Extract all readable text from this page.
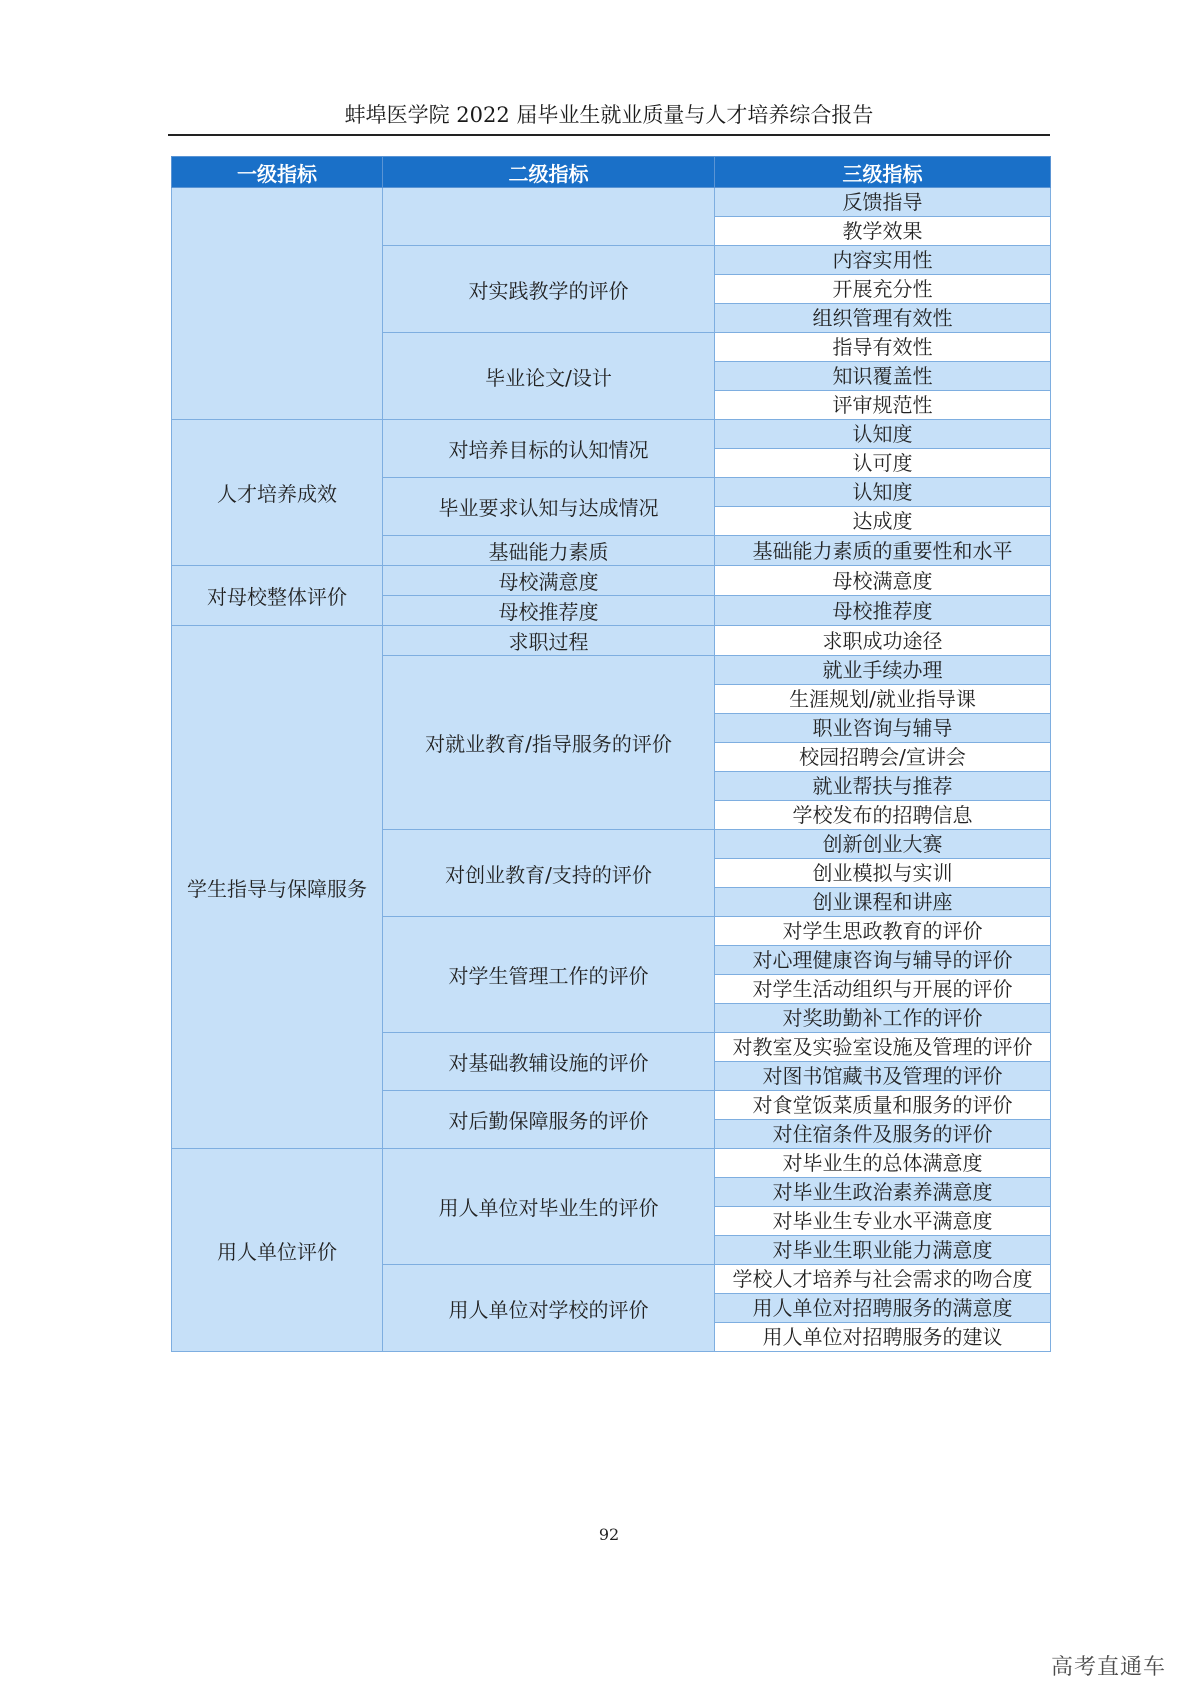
蚌埠医学院 2022 届毕业生就业质量与人才培养综合报告
一级指标	二级指标	三级指标
		反馈指导
		教学效果
	对实践教学的评价	内容实用性
		开展充分性
		组织管理有效性
	毕业论文/设计	指导有效性
		知识覆盖性
		评审规范性
人才培养成效	对培养目标的认知情况	认知度
		认可度
	毕业要求认知与达成情况	认知度
		达成度
	基础能力素质	基础能力素质的重要性和水平
对母校整体评价	母校满意度	母校满意度
	母校推荐度	母校推荐度
学生指导与保障服务	求职过程	求职成功途径
	对就业教育/指导服务的评价	就业手续办理
		生涯规划/就业指导课
		职业咨询与辅导
		校园招聘会/宣讲会
		就业帮扶与推荐
		学校发布的招聘信息
	对创业教育/支持的评价	创新创业大赛
		创业模拟与实训
		创业课程和讲座
	对学生管理工作的评价	对学生思政教育的评价
		对心理健康咨询与辅导的评价
		对学生活动组织与开展的评价
		对奖助勤补工作的评价
	对基础教辅设施的评价	对教室及实验室设施及管理的评价
		对图书馆藏书及管理的评价
	对后勤保障服务的评价	对食堂饭菜质量和服务的评价
		对住宿条件及服务的评价
用人单位评价	用人单位对毕业生的评价	对毕业生的总体满意度
		对毕业生政治素养满意度
		对毕业生专业水平满意度
		对毕业生职业能力满意度
	用人单位对学校的评价	学校人才培养与社会需求的吻合度
		用人单位对招聘服务的满意度
		用人单位对招聘服务的建议
92
高考直通车
